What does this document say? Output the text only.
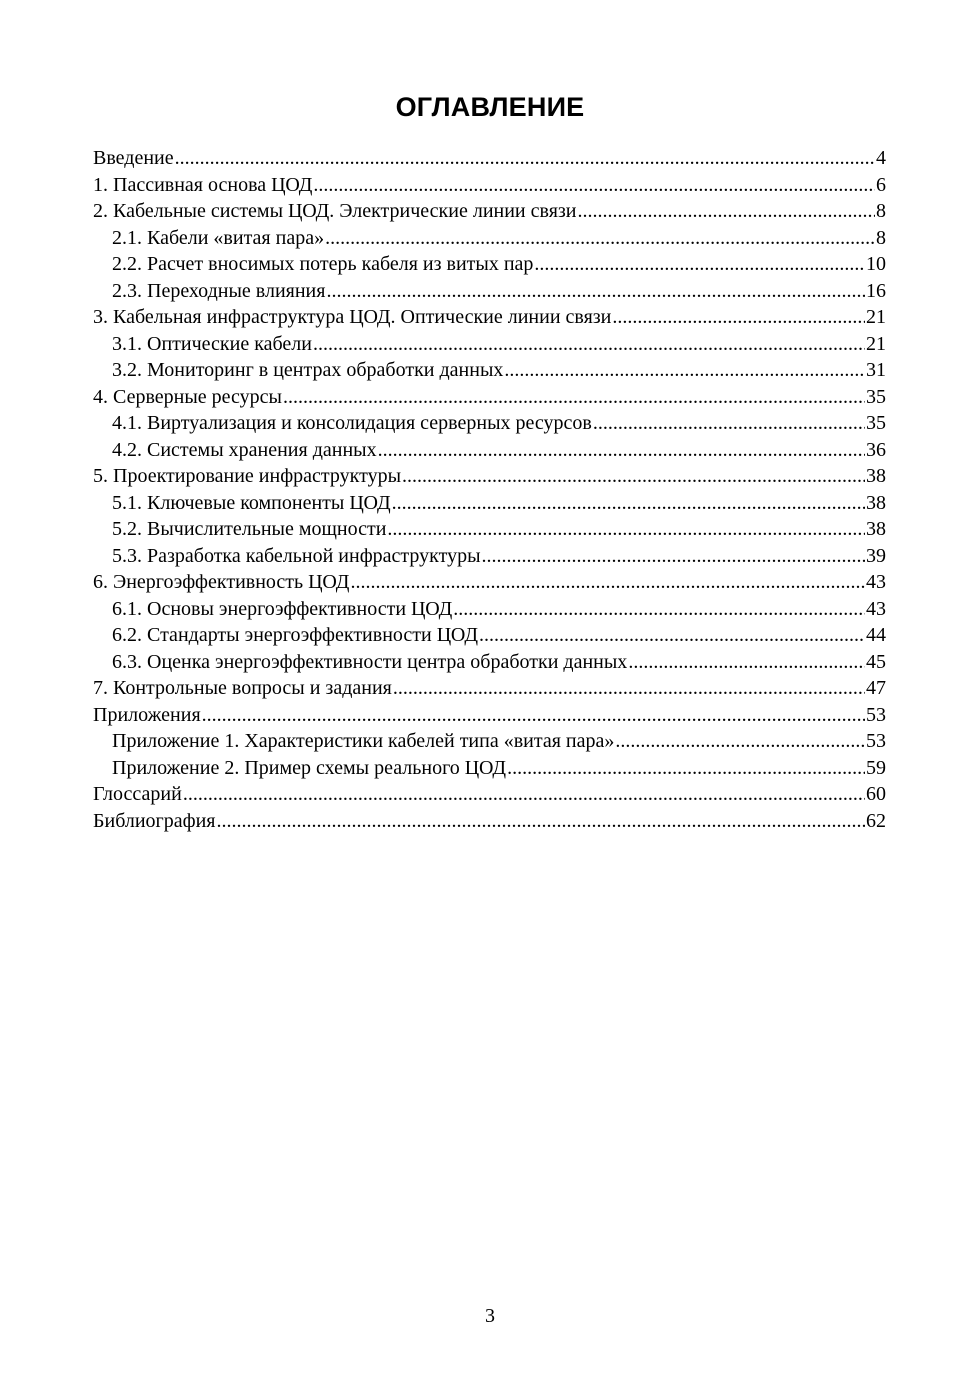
ОГЛАВЛЕНИЕ
Введение .....	4
1. Пассивная основа ЦОД .....	6
2. Кабельные системы ЦОД. Электрические линии связи .....	8
2.1. Кабели «витая пара» .....	8
2.2. Расчет вносимых потерь кабеля из витых пар .....	10
2.3. Переходные влияния .....	16
3. Кабельная инфраструктура ЦОД. Оптические линии связи .....	21
3.1. Оптические кабели .....	21
3.2. Мониторинг в центрах обработки данных .....	31
4. Серверные ресурсы .....	35
4.1. Виртуализация и консолидация серверных ресурсов .....	35
4.2. Системы хранения данных .....	36
5. Проектирование инфраструктуры .....	38
5.1. Ключевые компоненты ЦОД .....	38
5.2. Вычислительные мощности .....	38
5.3. Разработка кабельной инфраструктуры .....	39
6. Энергоэффективность ЦОД .....	43
6.1. Основы энергоэффективности ЦОД .....	43
6.2. Стандарты энергоэффективности ЦОД .....	44
6.3. Оценка энергоэффективности центра обработки данных .....	45
7. Контрольные вопросы и задания .....	47
Приложения .....	53
Приложение 1. Характеристики кабелей типа «витая пара» .....	53
Приложение 2. Пример схемы реального ЦОД .....	59
Глоссарий .....	60
Библиография .....	62
3
